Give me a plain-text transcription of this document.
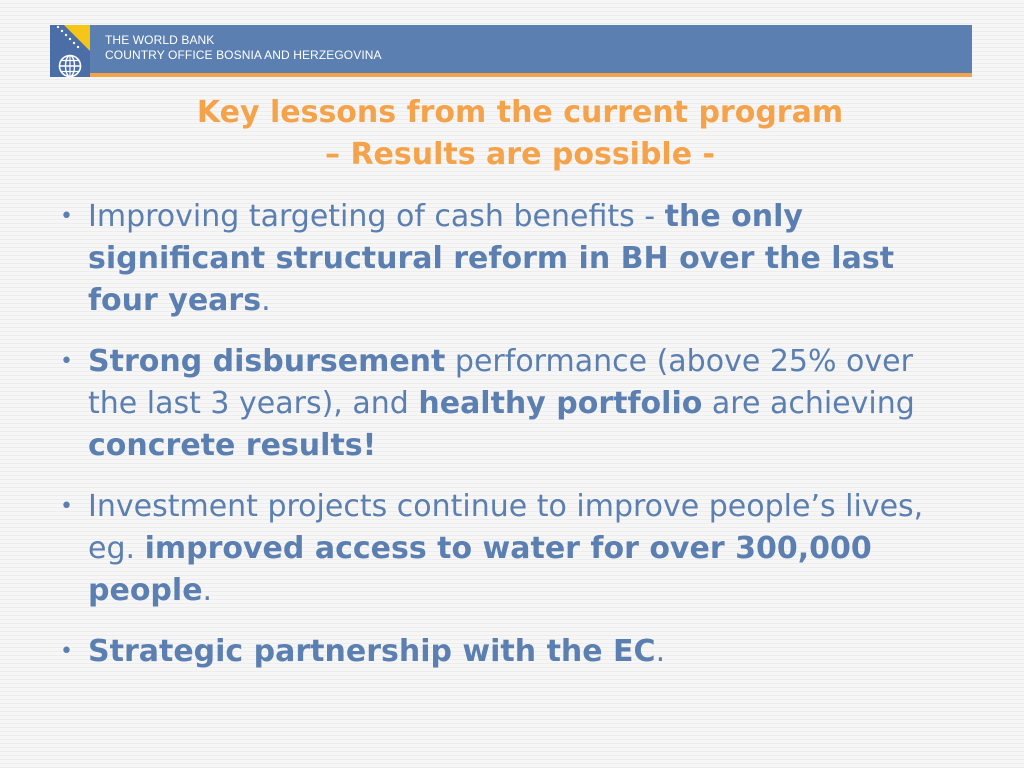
THE WORLD BANK
COUNTRY OFFICE BOSNIA AND HERZEGOVINA
Key lessons from the current program
– Results are possible -
• Improving targeting of cash benefits - the only significant structural reform in BH over the last four years.
• Strong disbursement performance (above 25% over the last 3 years), and healthy portfolio are achieving concrete results!
• Investment projects continue to improve people’s lives, eg. improved access to water for over 300,000 people.
• Strategic partnership with the EC.
